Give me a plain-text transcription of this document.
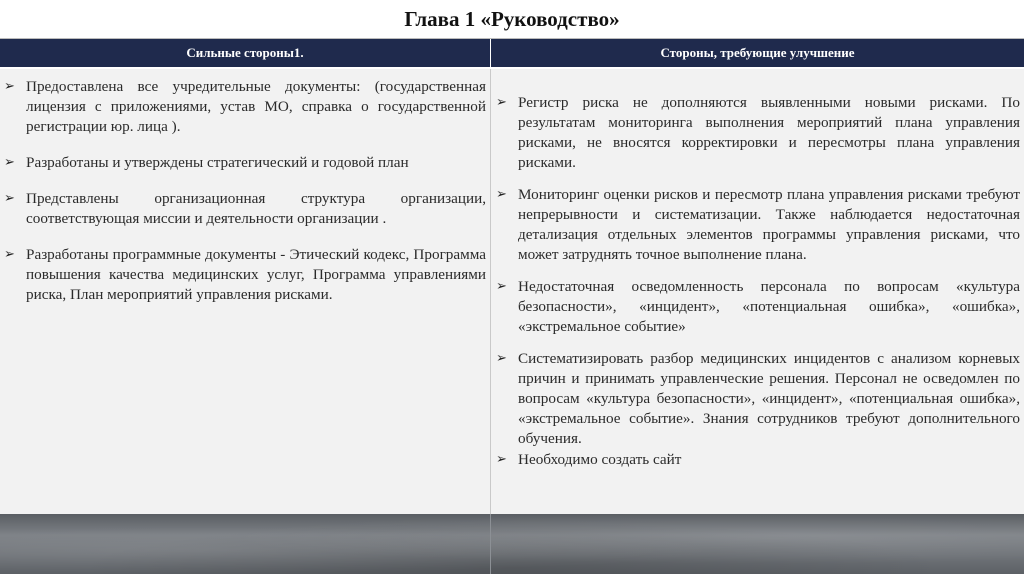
Глава 1 «Руководство»
Сильные стороны1.	Стороны, требующие улучшение
➢ Предоставлена все учредительные документы: (государственная лицензия с приложениями, устав МО, справка о государственной регистрации юр. лица ).
➢ Разработаны и утверждены стратегический и годовой план
➢ Представлены организационная структура организации, соответствующая миссии и деятельности организации .
➢ Разработаны программные документы - Этический кодекс, Программа повышения качества медицинских услуг, Программа управлениями риска, План мероприятий управления рисками.
➢ Регистр риска не дополняются выявленными новыми рисками. По результатам мониторинга выполнения мероприятий плана управления рисками, не вносятся корректировки и пересмотры плана управления рисками.
➢ Мониторинг оценки рисков и пересмотр плана управления рисками требуют непрерывности и систематизации. Также наблюдается недостаточная детализация отдельных элементов программы управления рисками, что может затруднять точное выполнение плана.
➢ Недостаточная осведомленность персонала по вопросам «культура безопасности», «инцидент», «потенциальная ошибка», «ошибка», «экстремальное событие»
➢ Систематизировать разбор медицинских инцидентов с анализом корневых причин и принимать управленческие решения. Персонал не осведомлен по вопросам «культура безопасности», «инцидент», «потенциальная ошибка», «экстремальное событие». Знания сотрудников требуют дополнительного обучения.
➢ Необходимо создать сайт
